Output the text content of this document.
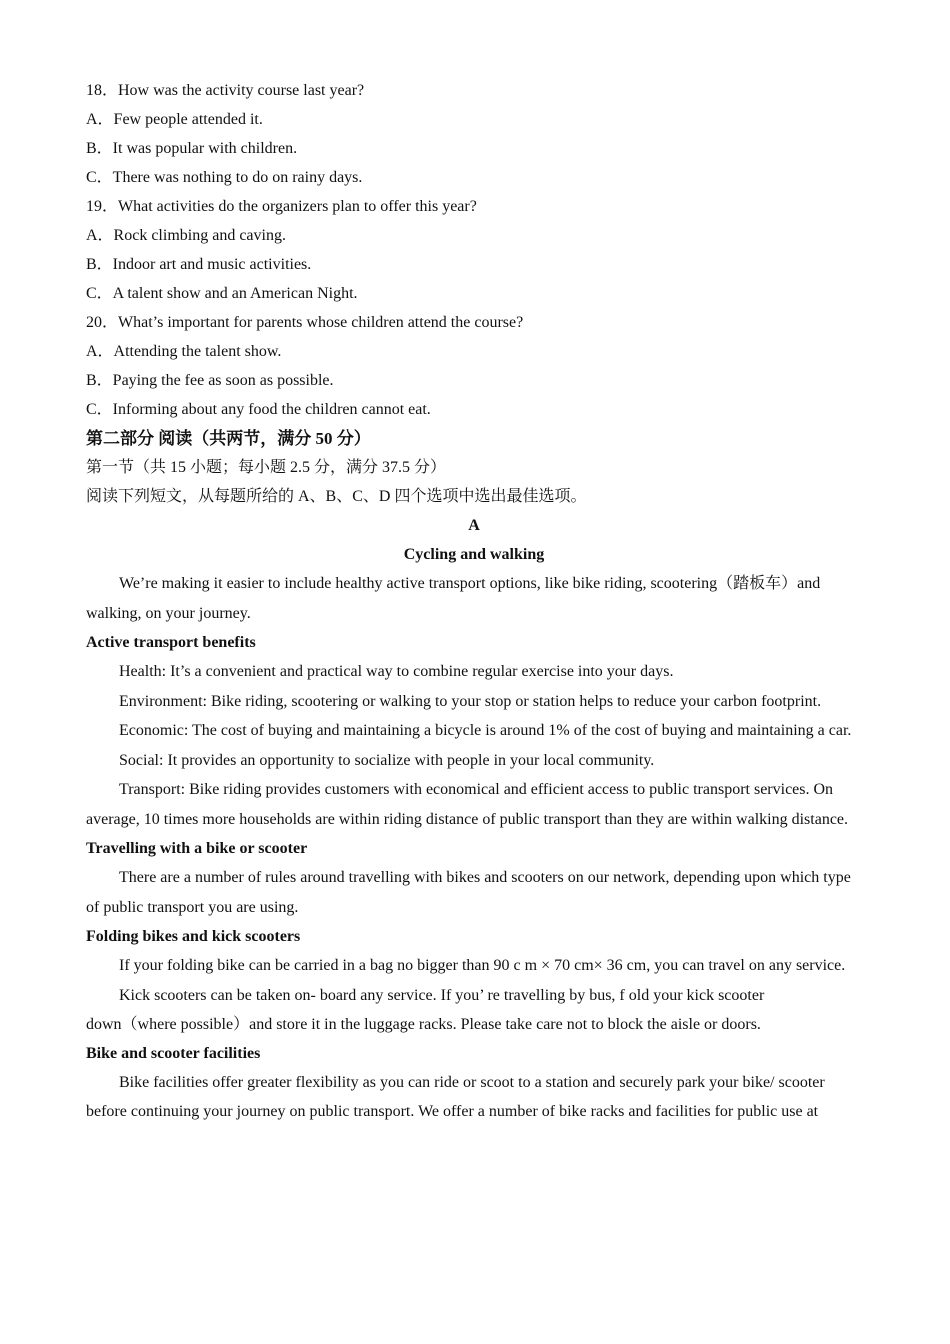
18．How was the activity course last year?
A．Few people attended it.
B．It was popular with children.
C．There was nothing to do on rainy days.
19．What activities do the organizers plan to offer this year?
A．Rock climbing and caving.
B．Indoor art and music activities.
C．A talent show and an American Night.
20．What’s important for parents whose children attend the course?
A．Attending the talent show.
B．Paying the fee as soon as possible.
C．Informing about any food the children cannot eat.
第二部分 阅读（共两节，满分 50 分）
第一节（共 15 小题；每小题 2.5 分，满分 37.5 分）
阅读下列短文，从每题所给的 A、B、C、D 四个选项中选出最佳选项。
A
Cycling and walking

We’re making it easier to include healthy active transport options, like bike riding, scootering（踏板车）and walking, on your journey.

Active transport benefits

Health: It’s a convenient and practical way to combine regular exercise into your days.

Environment: Bike riding, scootering or walking to your stop or station helps to reduce your carbon footprint.

Economic: The cost of buying and maintaining a bicycle is around 1% of the cost of buying and maintaining a car.

Social: It provides an opportunity to socialize with people in your local community.

Transport: Bike riding provides customers with economical and efficient access to public transport services. On average, 10 times more households are within riding distance of public transport than they are within walking distance.

Travelling with a bike or scooter

There are a number of rules around travelling with bikes and scooters on our network, depending upon which type of public transport you are using.

Folding bikes and kick scooters

If your folding bike can be carried in a bag no bigger than 90 c m × 70 cm× 36 cm, you can travel on any service.

Kick scooters can be taken on- board any service. If you’ re travelling by bus, f old your kick scooter
down（where possible）and store it in the luggage racks. Please take care not to block the aisle or doors.
Bike and scooter facilities

Bike facilities offer greater flexibility as you can ride or scoot to a station and securely park your bike/ scooter before continuing your journey on public transport. We offer a number of bike racks and facilities for public use at
